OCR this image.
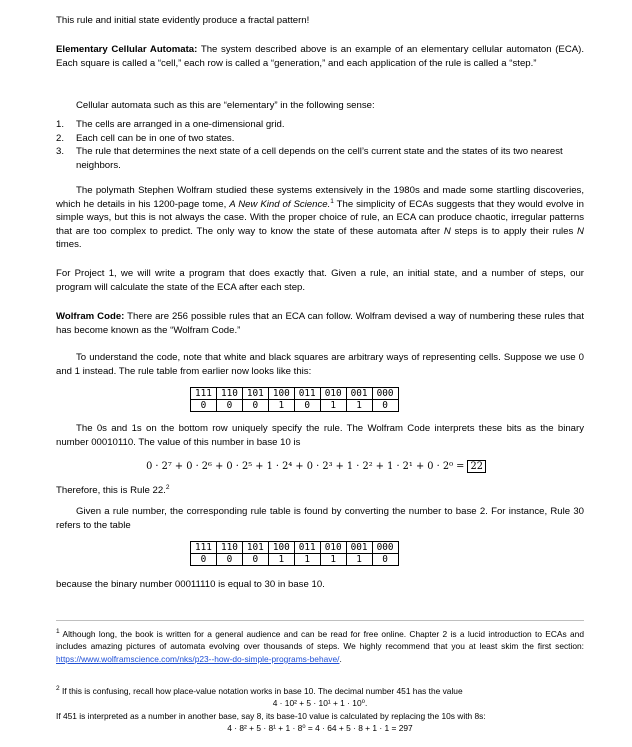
This rule and initial state evidently produce a fractal pattern!

Elementary Cellular Automata: The system described above is an example of an elementary cellular automaton (ECA). Each square is called a “cell,” each row is called a “generation,” and each application of the rule is called a “step.”

Cellular automata such as this are “elementary” in the following sense:

1. The cells are arranged in a one-dimensional grid.
2. Each cell can be in one of two states.
3. The rule that determines the next state of a cell depends on the cell’s current state and the states of its two nearest neighbors.

The polymath Stephen Wolfram studied these systems extensively in the 1980s and made some startling discoveries, which he details in his 1200-page tome, A New Kind of Science.$^1$ The simplicity of ECAs suggests that they would evolve in simple ways, but this is not always the case. With the proper choice of rule, an ECA can produce chaotic, irregular patterns that are too complex to predict. The only way to know the state of these automata after N steps is to apply their rules N times.

For Project 1, we will write a program that does exactly that. Given a rule, an initial state, and a number of steps, our program will calculate the state of the ECA after each step.

Wolfram Code: There are 256 possible rules that an ECA can follow. Wolfram devised a way of numbering these rules that has become known as the “Wolfram Code.”

To understand the code, note that white and black squares are arbitrary ways of representing cells. Suppose we use 0 and 1 instead. The rule table from earlier now looks like this:

111	110	101	100	011	010	001	000
0	0	0	1	0	1	1	0

The 0s and 1s on the bottom row uniquely specify the rule. The Wolfram Code interprets these bits as the binary number 00010110. The value of this number in base 10 is

0 · 2⁷ + 0 · 2⁶ + 0 · 2⁵ + 1 · 2⁴ + 0 · 2³ + 1 · 2² + 1 · 2¹ + 0 · 2⁰ = 22

Therefore, this is Rule 22.$^2$

Given a rule number, the corresponding rule table is found by converting the number to base 2. For instance, Rule 30 refers to the table

111	110	101	100	011	010	001	000
0	0	0	1	1	1	1	0

because the binary number 00011110 is equal to 30 in base 10.

$^1$ Although long, the book is written for a general audience and can be read for free online. Chapter 2 is a lucid introduction to ECAs and includes amazing pictures of automata evolving over thousands of steps. We highly recommend that you at least skim the first section: https://www.wolframscience.com/nks/p23--how-do-simple-programs-behave/.

$^2$ If this is confusing, recall how place-value notation works in base 10. The decimal number 451 has the value
4 · 10² + 5 · 10¹ + 1 · 10⁰.
If 451 is interpreted as a number in another base, say 8, its base-10 value is calculated by replacing the 10s with 8s:
4 · 8² + 5 · 8¹ + 1 · 8⁰ = 4 · 64 + 5 · 8 + 1 · 1 = 297
